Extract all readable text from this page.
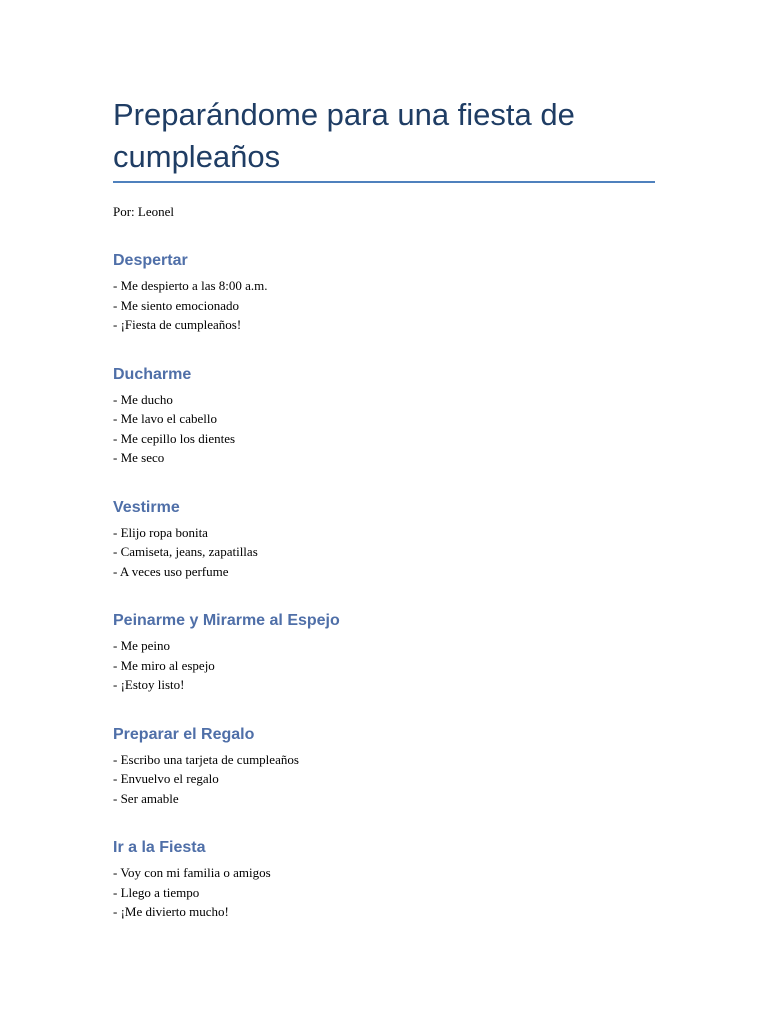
Preparándome para una fiesta de cumpleaños
Por: Leonel
Despertar
- Me despierto a las 8:00 a.m.
- Me siento emocionado
- ¡Fiesta de cumpleaños!
Ducharme
- Me ducho
- Me lavo el cabello
- Me cepillo los dientes
- Me seco
Vestirme
- Elijo ropa bonita
- Camiseta, jeans, zapatillas
- A veces uso perfume
Peinarme y Mirarme al Espejo
- Me peino
- Me miro al espejo
- ¡Estoy listo!
Preparar el Regalo
- Escribo una tarjeta de cumpleaños
- Envuelvo el regalo
- Ser amable
Ir a la Fiesta
- Voy con mi familia o amigos
- Llego a tiempo
- ¡Me divierto mucho!
